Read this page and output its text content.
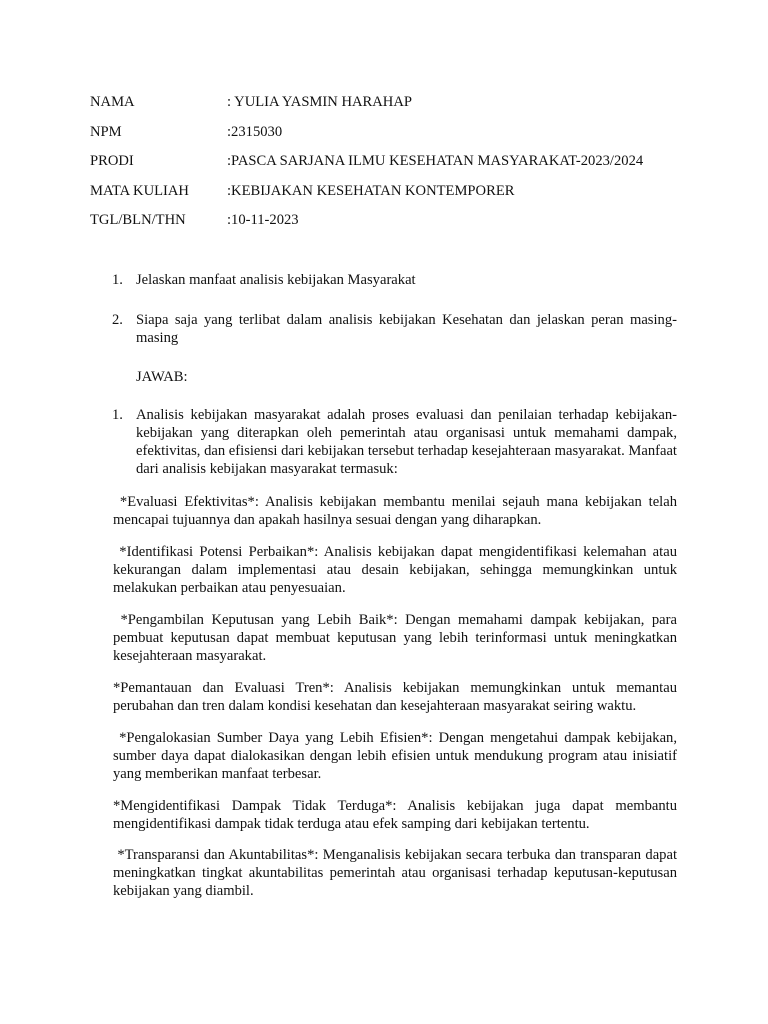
NAMA	: YULIA YASMIN HARAHAP
NPM	:2315030
PRODI	:PASCA SARJANA ILMU KESEHATAN MASYARAKAT-2023/2024
MATA KULIAH	:KEBIJAKAN KESEHATAN KONTEMPORER
TGL/BLN/THN	:10-11-2023
1. Jelaskan manfaat analisis kebijakan Masyarakat
2. Siapa saja yang terlibat dalam analisis kebijakan Kesehatan dan jelaskan peran masing-masing
JAWAB:
1. Analisis kebijakan masyarakat adalah proses evaluasi dan penilaian terhadap kebijakan-kebijakan yang diterapkan oleh pemerintah atau organisasi untuk memahami dampak, efektivitas, dan efisiensi dari kebijakan tersebut terhadap kesejahteraan masyarakat. Manfaat dari analisis kebijakan masyarakat termasuk:

*Evaluasi Efektivitas*: Analisis kebijakan membantu menilai sejauh mana kebijakan telah mencapai tujuannya dan apakah hasilnya sesuai dengan yang diharapkan.

*Identifikasi Potensi Perbaikan*: Analisis kebijakan dapat mengidentifikasi kelemahan atau kekurangan dalam implementasi atau desain kebijakan, sehingga memungkinkan untuk melakukan perbaikan atau penyesuaian.

*Pengambilan Keputusan yang Lebih Baik*: Dengan memahami dampak kebijakan, para pembuat keputusan dapat membuat keputusan yang lebih terinformasi untuk meningkatkan kesejahteraan masyarakat.

*Pemantauan dan Evaluasi Tren*: Analisis kebijakan memungkinkan untuk memantau perubahan dan tren dalam kondisi kesehatan dan kesejahteraan masyarakat seiring waktu.

*Pengalokasian Sumber Daya yang Lebih Efisien*: Dengan mengetahui dampak kebijakan, sumber daya dapat dialokasikan dengan lebih efisien untuk mendukung program atau inisiatif yang memberikan manfaat terbesar.

*Mengidentifikasi Dampak Tidak Terduga*: Analisis kebijakan juga dapat membantu mengidentifikasi dampak tidak terduga atau efek samping dari kebijakan tertentu.

*Transparansi dan Akuntabilitas*: Menganalisis kebijakan secara terbuka dan transparan dapat meningkatkan tingkat akuntabilitas pemerintah atau organisasi terhadap keputusan-keputusan kebijakan yang diambil.
